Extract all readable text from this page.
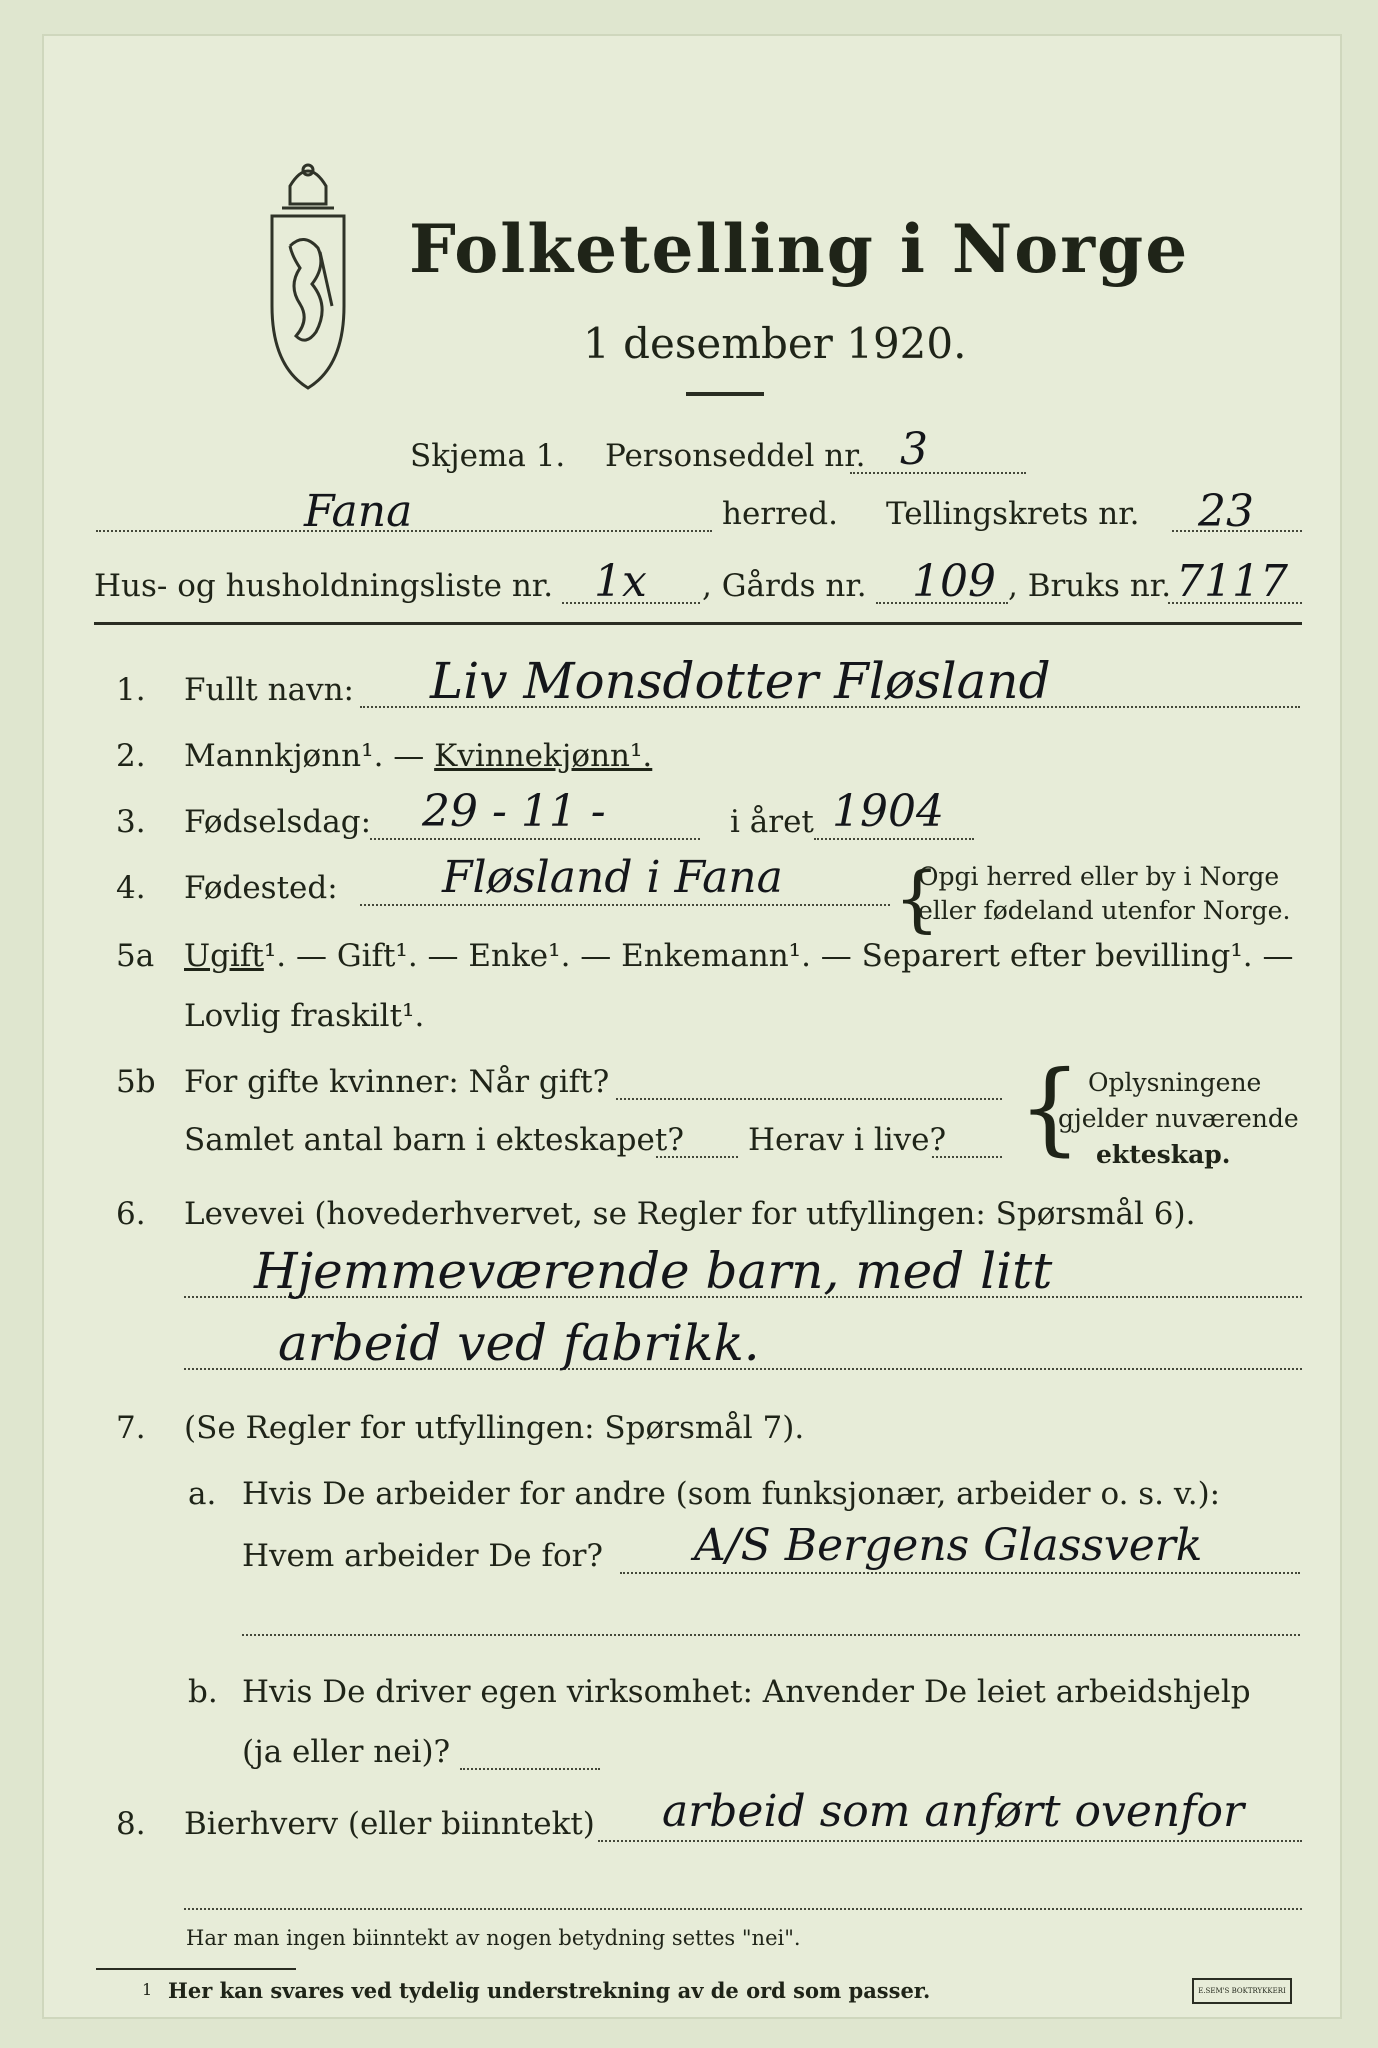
Folketelling i Norge
1 desember 1920.
Skjema 1. Personseddel nr. 3
Fana	herred. Tellingskrets nr. 23
Hus- og husholdningsliste nr. 1x , Gårds nr. 109 , Bruks nr. 7117
1. Fullt navn: Liv Monsdotter Fløsland
2. Mannkjønn¹. — Kvinnekjønn¹.
3. Fødselsdag: 29 - 11 -	i året 1904
4. Fødested: Fløsland i Fana {
Opgi herred eller by i Norge
eller fødeland utenfor Norge.
5a Ugift¹. — Gift¹. — Enke¹. — Enkemann¹. — Separert efter bevilling¹. —
Lovlig fraskilt¹.
5b For gifte kvinner: Når gift?
Samlet antal barn i ekteskapet? Herav i live? { Oplysningene
gjelder nuværende
ekteskap.
6. Levevei (hovederhvervet, se Regler for utfyllingen: Spørsmål 6).
Hjemmeværende barn, med litt
arbeid ved fabrikk.
7. (Se Regler for utfyllingen: Spørsmål 7).
a. Hvis De arbeider for andre (som funksjonær, arbeider o. s. v.):
Hvem arbeider De for? A/S Bergens Glassverk
b. Hvis De driver egen virksomhet: Anvender De leiet arbeidshjelp
(ja eller nei)?
8. Bierhverv (eller biinntekt) arbeid som anført ovenfor
Har man ingen biinntekt av nogen betydning settes "nei".
1 Her kan svares ved tydelig understrekning av de ord som passer.	E.SEM'S BOKTRYKKERI
